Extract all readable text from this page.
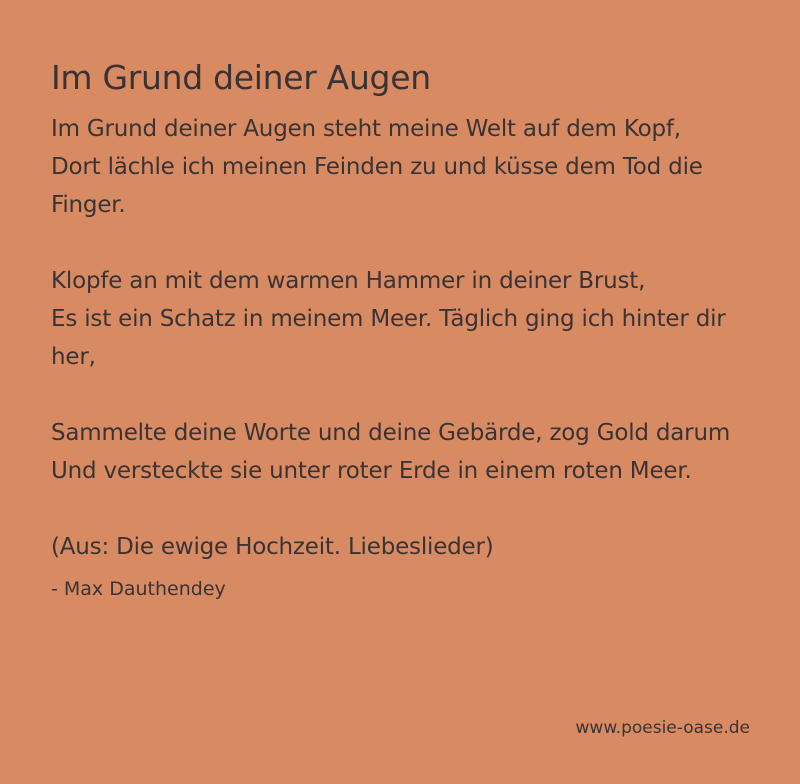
Im Grund deiner Augen
Im Grund deiner Augen steht meine Welt auf dem Kopf,
Dort lächle ich meinen Feinden zu und küsse dem Tod die Finger.
Klopfe an mit dem warmen Hammer in deiner Brust,
Es ist ein Schatz in meinem Meer. Täglich ging ich hinter dir her,
Sammelte deine Worte und deine Gebärde, zog Gold darum
Und versteckte sie unter roter Erde in einem roten Meer.

(Aus: Die ewige Hochzeit. Liebeslieder)

- Max Dauthendey
www.poesie-oase.de
